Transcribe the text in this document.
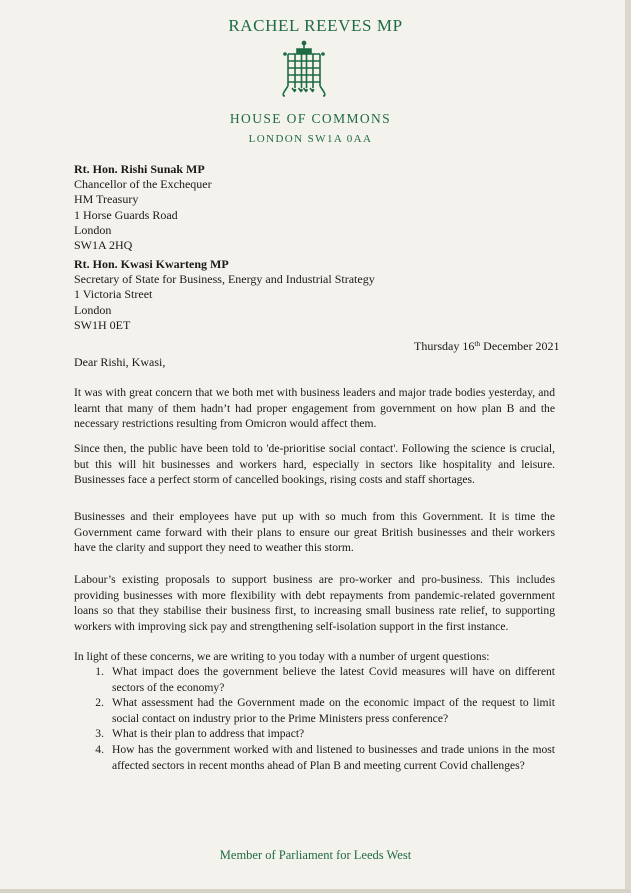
RACHEL REEVES MP
HOUSE OF COMMONS
LONDON SW1A 0AA
Rt. Hon. Rishi Sunak MP
Chancellor of the Exchequer
HM Treasury
1 Horse Guards Road
London
SW1A 2HQ
Rt. Hon. Kwasi Kwarteng MP
Secretary of State for Business, Energy and Industrial Strategy
1 Victoria Street
London
SW1H 0ET
Thursday 16th December 2021
Dear Rishi, Kwasi,
It was with great concern that we both met with business leaders and major trade bodies yesterday, and learnt that many of them hadn’t had proper engagement from government on how plan B and the necessary restrictions resulting from Omicron would affect them.
Since then, the public have been told to 'de-prioritise social contact'. Following the science is crucial, but this will hit businesses and workers hard, especially in sectors like hospitality and leisure. Businesses face a perfect storm of cancelled bookings, rising costs and staff shortages.
Businesses and their employees have put up with so much from this Government. It is time the Government came forward with their plans to ensure our great British businesses and their workers have the clarity and support they need to weather this storm.
Labour’s existing proposals to support business are pro-worker and pro-business. This includes providing businesses with more flexibility with debt repayments from pandemic-related government loans so that they stabilise their business first, to increasing small business rate relief, to supporting workers with improving sick pay and strengthening self-isolation support in the first instance.
In light of these concerns, we are writing to you today with a number of urgent questions:
1. What impact does the government believe the latest Covid measures will have on different sectors of the economy?
2. What assessment had the Government made on the economic impact of the request to limit social contact on industry prior to the Prime Ministers press conference?
3. What is their plan to address that impact?
4. How has the government worked with and listened to businesses and trade unions in the most affected sectors in recent months ahead of Plan B and meeting current Covid challenges?
Member of Parliament for Leeds West
